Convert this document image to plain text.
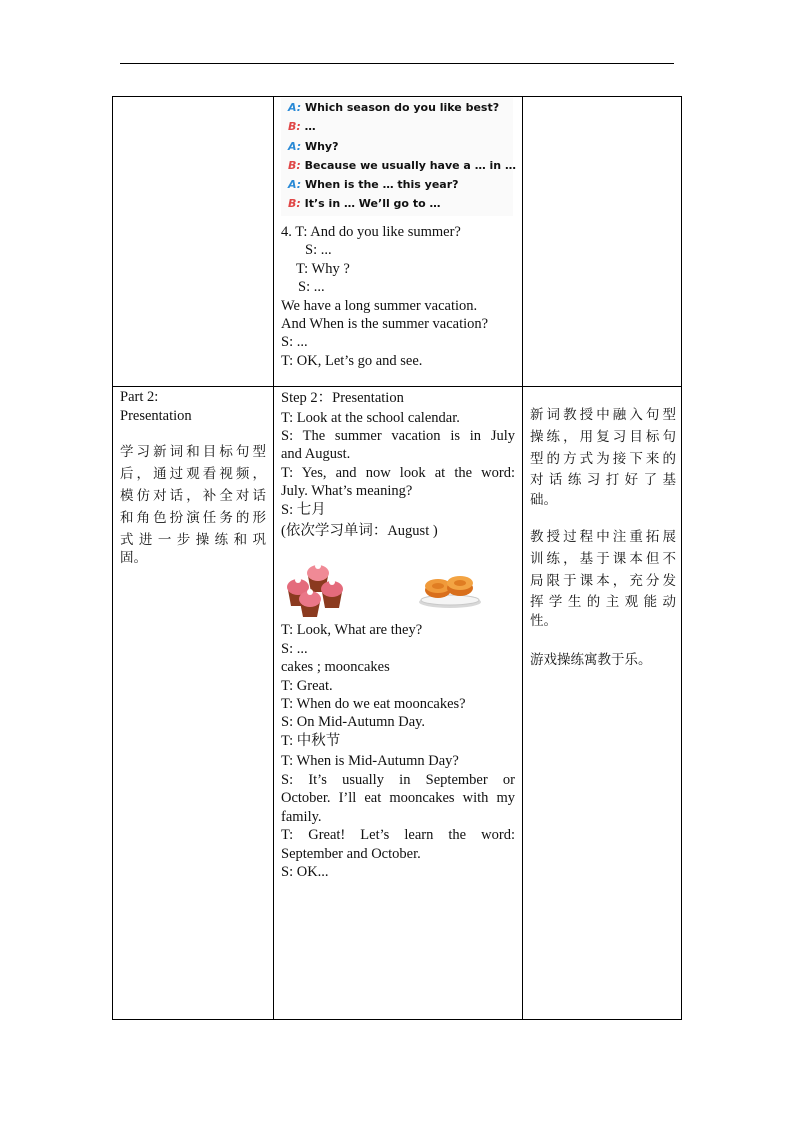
A: Which season do you like best?
B: …
A: Why?
B: Because we usually have a … in …
A: When is the … this year?
B: It’s in … We’ll go to …
4. T: And do you like summer?
S: ...
T: Why ?
S: ...
We have a long summer vacation.
And When is the summer vacation?
S: ...
T: OK, Let’s go and see.
Part 2:
Presentation
学习新词和目标句型
后，通过观看视频，
模仿对话，补全对话
和角色扮演任务的形
式进一步操练和巩
固。
Step 2：Presentation
T: Look at the school calendar.
S: The summer vacation is in July
and August.
T: Yes, and now look at the word:
July. What’s meaning?
S: 七月
(依次学习单词：August )
T: Look, What are they?
S: ...
cakes ; mooncakes
T: Great.
T: When do we eat mooncakes?
S: On Mid-Autumn Day.
T: 中秋节
T: When is Mid-Autumn Day?
S: It’s usually in September or
October. I’ll eat mooncakes with my
family.
T: Great! Let’s learn the word:
September and October.
S: OK...
新词教授中融入句型
操练，用复习目标句
型的方式为接下来的
对话练习打好了基
础。
教授过程中注重拓展
训练，基于课本但不
局限于课本，充分发
挥学生的主观能动
性。
游戏操练寓教于乐。
